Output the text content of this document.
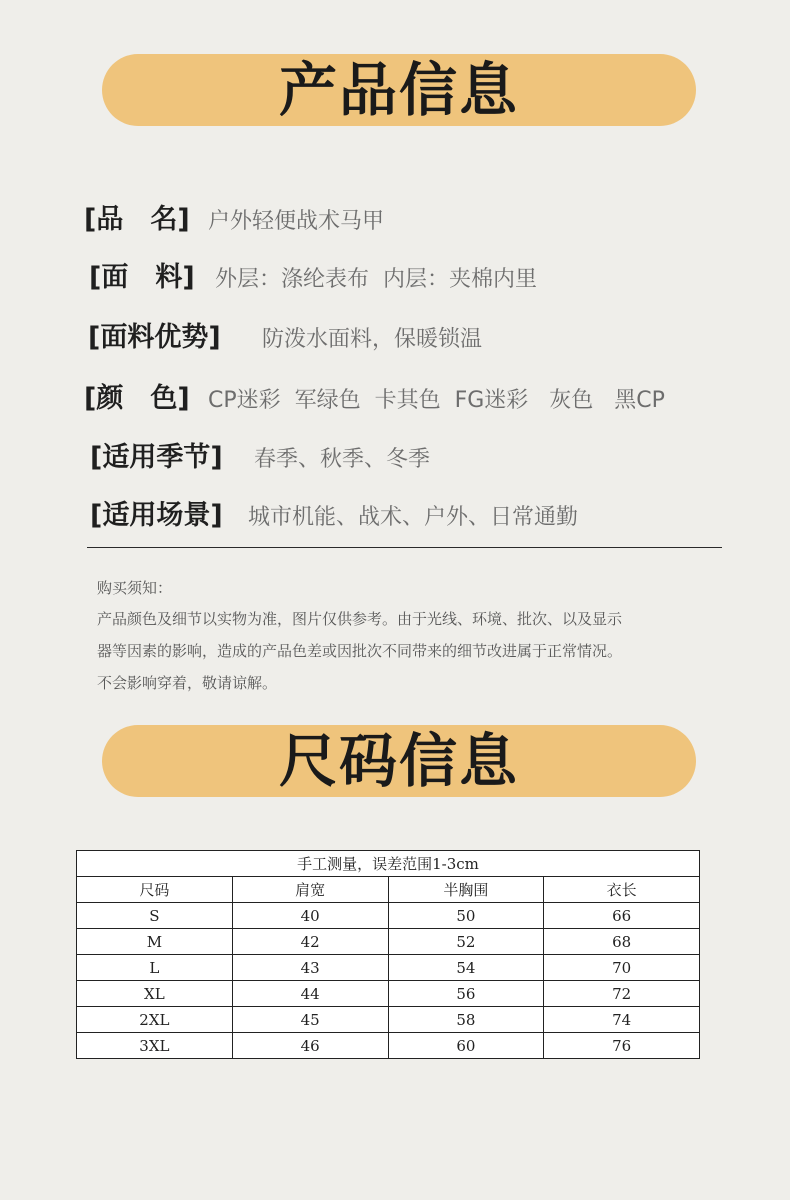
产品信息
[品　名] 户外轻便战术马甲
[面　料] 外层：涤纶表布  内层：夹棉内里
[面料优势]	防泼水面料，保暖锁温
[颜　色] CP迷彩  军绿色  卡其色  FG迷彩   灰色   黑CP
[适用季节]	春季、秋季、冬季
[适用场景]	城市机能、战术、户外、日常通勤

购买须知：

产品颜色及细节以实物为准，图片仅供参考。由于光线、环境、批次、以及显示

器等因素的影响，造成的产品色差或因批次不同带来的细节改进属于正常情况。

不会影响穿着，敬请谅解。

尺码信息
手工测量，误差范围1-3cm			
尺码	肩宽	半胸围	衣长
S	40	50	66
M	42	52	68
L	43	54	70
XL	44	56	72
2XL	45	58	74
3XL	46	60	76
